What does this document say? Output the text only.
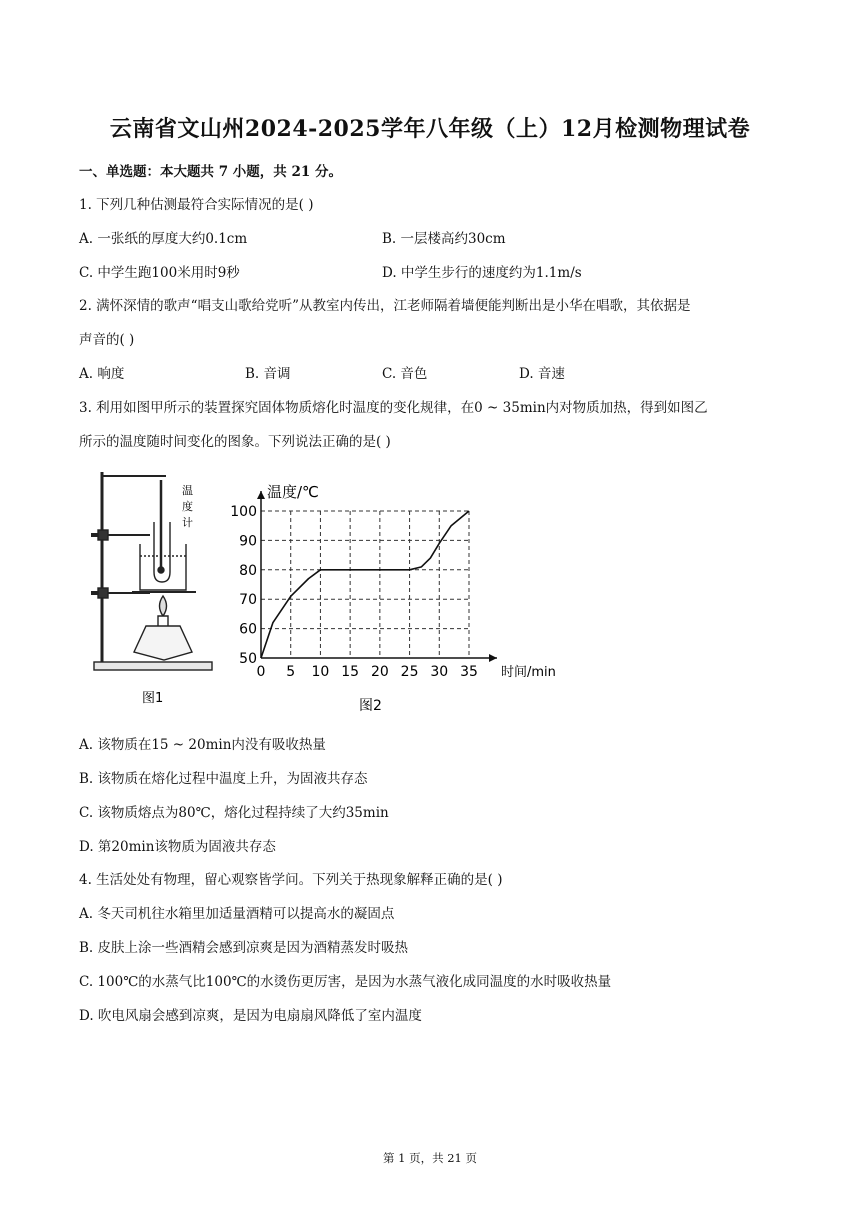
云南省文山州2024-2025学年八年级（上）12月检测物理试卷
一、单选题：本大题共 7 小题，共 21 分。
1. 下列几种估测最符合实际情况的是( )
A. 一张纸的厚度大约0.1cm	B. 一层楼高约30cm
C. 中学生跑100米用时9秒	D. 中学生步行的速度约为1.1m/s
2. 满怀深情的歌声“唱支山歌给党听”从教室内传出，江老师隔着墙便能判断出是小华在唱歌，其依据是
声音的( )
A. 响度	B. 音调	C. 音色	D. 音速
3. 利用如图甲所示的装置探究固体物质熔化时温度的变化规律，在0 ~ 35min内对物质加热，得到如图乙
所示的温度随时间变化的图象。下列说法正确的是( )
温
度
计
图1
0 5 10 15 20 25 30 35
50
60
70
80
90
100
温度/℃
时间/min
图2
A. 该物质在15 ~ 20min内没有吸收热量
B. 该物质在熔化过程中温度上升，为固液共存态
C. 该物质熔点为80℃，熔化过程持续了大约35min
D. 第20min该物质为固液共存态
4. 生活处处有物理，留心观察皆学问。下列关于热现象解释正确的是( )
A. 冬天司机往水箱里加适量酒精可以提高水的凝固点
B. 皮肤上涂一些酒精会感到凉爽是因为酒精蒸发时吸热
C. 100℃的水蒸气比100℃的水烫伤更厉害，是因为水蒸气液化成同温度的水时吸收热量
D. 吹电风扇会感到凉爽，是因为电扇扇风降低了室内温度
第 1 页，共 21 页
